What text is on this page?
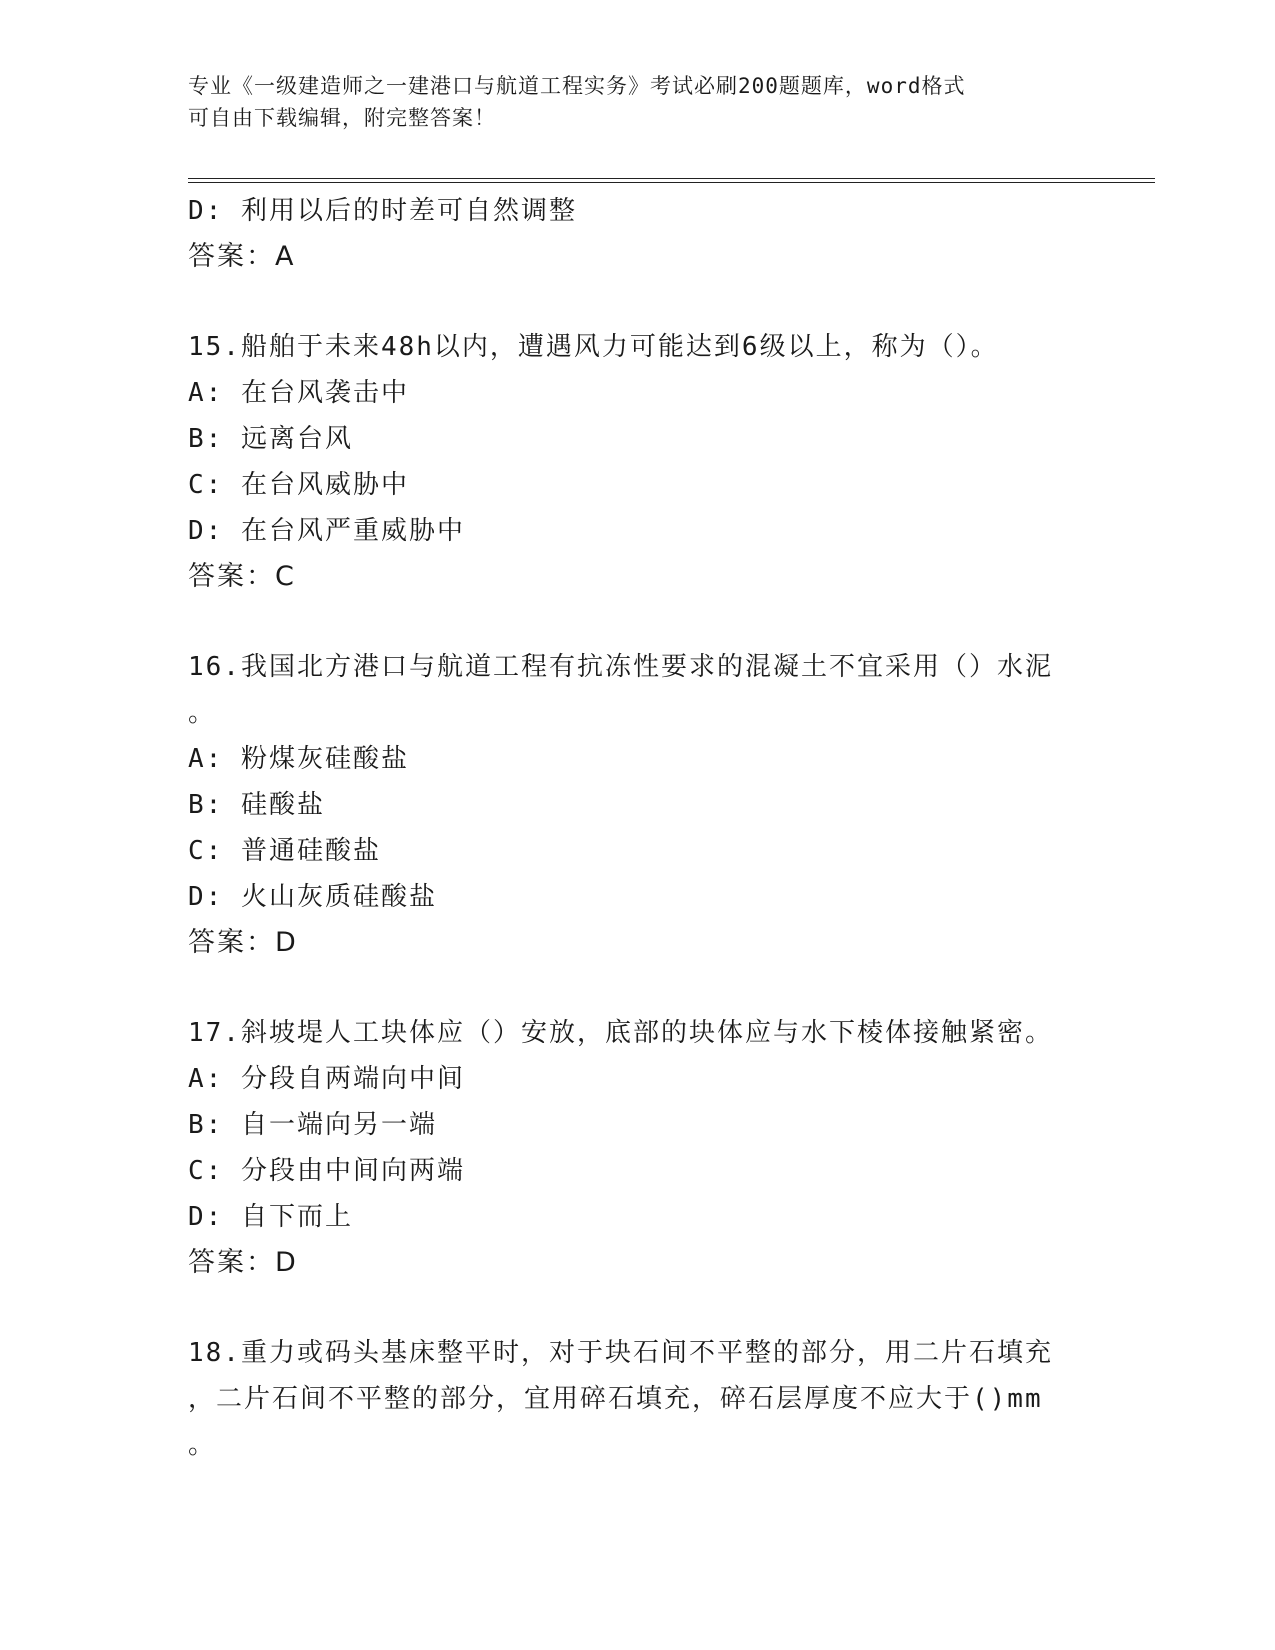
专业《一级建造师之一建港口与航道工程实务》考试必刷200题题库，word格式
可自由下载编辑，附完整答案！
D: 利用以后的时差可自然调整
答案：A
15.船舶于未来48h以内，遭遇风力可能达到6级以上，称为（）。
A: 在台风袭击中
B: 远离台风
C: 在台风威胁中
D: 在台风严重威胁中
答案：C
16.我国北方港口与航道工程有抗冻性要求的混凝土不宜采用（）水泥
。
A: 粉煤灰硅酸盐
B: 硅酸盐
C: 普通硅酸盐
D: 火山灰质硅酸盐
答案：D
17.斜坡堤人工块体应（）安放，底部的块体应与水下棱体接触紧密。
A: 分段自两端向中间
B: 自一端向另一端
C: 分段由中间向两端
D: 自下而上
答案：D
18.重力或码头基床整平时，对于块石间不平整的部分，用二片石填充
，二片石间不平整的部分，宜用碎石填充，碎石层厚度不应大于()mm
。
